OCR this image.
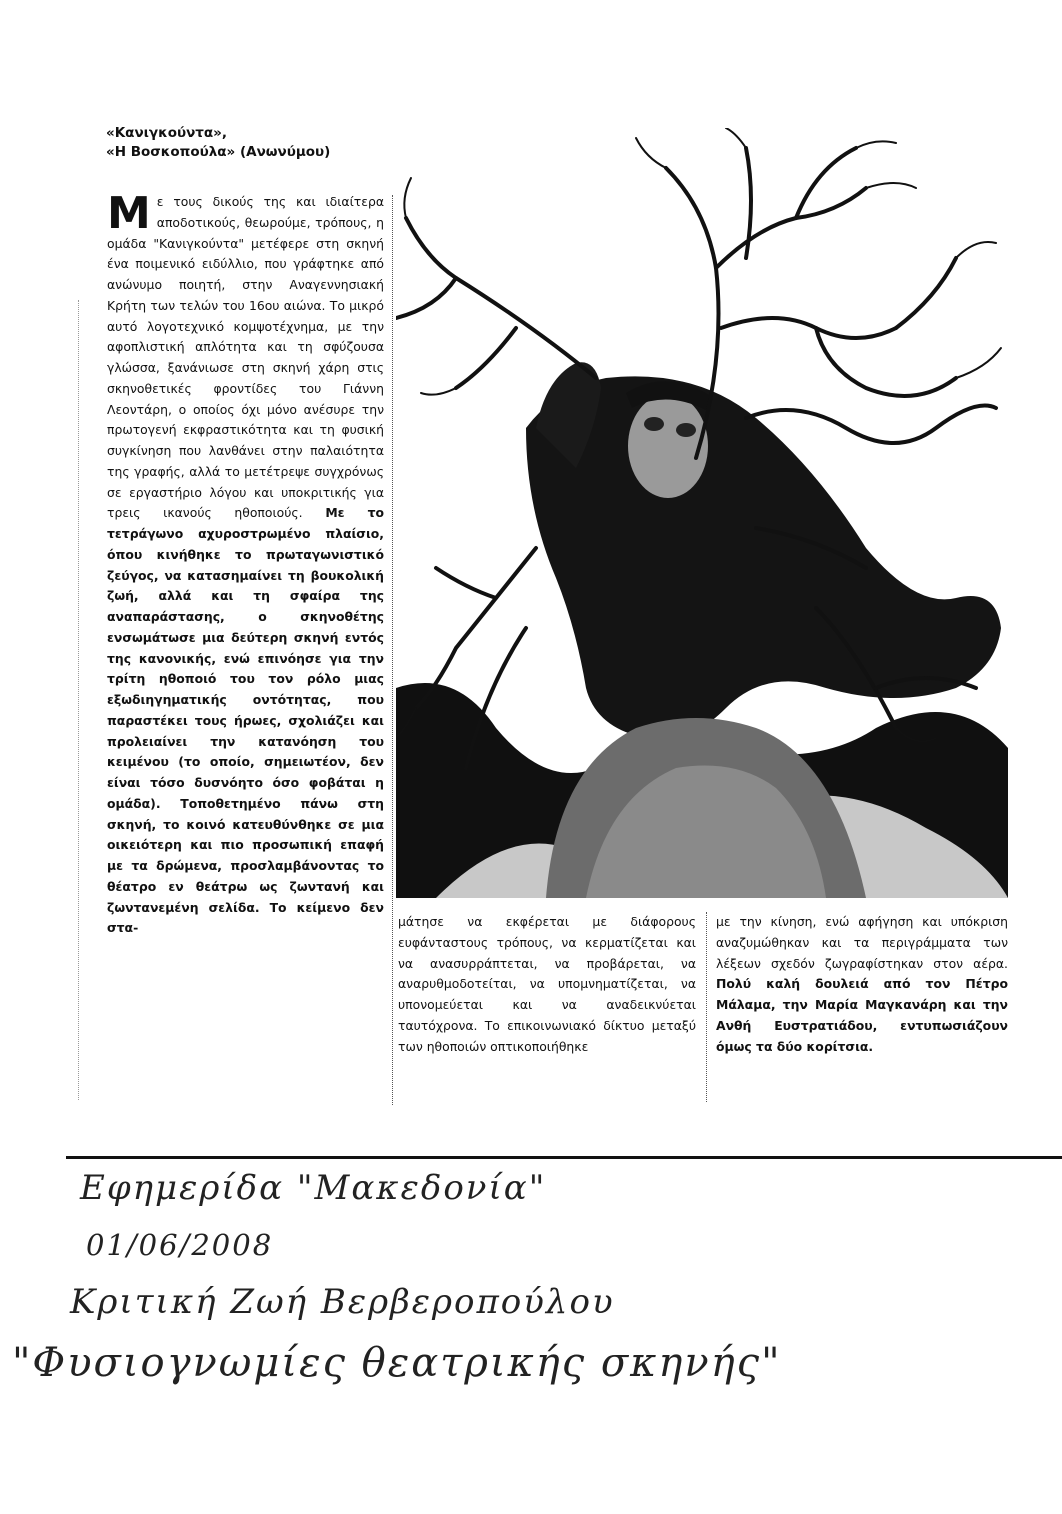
«Κανιγκούντα»,
«Η Βοσκοπούλα» (Ανωνύμου)

Με τους δικούς της και ιδιαίτερα αποδοτικούς, θεωρούμε, τρόπους, η ομάδα "Κανιγκούντα" μετέφερε στη σκηνή ένα ποιμενικό ειδύλλιο, που γράφτηκε από ανώνυμο ποιητή, στην Αναγεννησιακή Κρήτη των τελών του 16ου αιώνα. Το μικρό αυτό λογοτεχνικό κομψοτέχνημα, με την αφοπλιστική απλότητα και τη σφύζουσα γλώσσα, ξανάνιωσε στη σκηνή χάρη στις σκηνοθετικές φροντίδες του Γιάννη Λεοντάρη, ο οποίος όχι μόνο ανέσυρε την πρωτογενή εκφραστικότητα και τη φυσική συγκίνηση που λανθάνει στην παλαιότητα της γραφής, αλλά το μετέτρεψε συγχρόνως σε εργαστήριο λόγου και υποκριτικής για τρεις ικανούς ηθοποιούς. Με το τετράγωνο αχυροστρωμένο πλαίσιο, όπου κινήθηκε το πρωταγωνιστικό ζεύγος, να κατασημαίνει τη βουκολική ζωή, αλλά και τη σφαίρα της αναπαράστασης, ο σκηνοθέτης ενσωμάτωσε μια δεύτερη σκηνή εντός της κανονικής, ενώ επινόησε για την τρίτη ηθοποιό του τον ρόλο μιας εξωδιηγηματικής οντότητας, που παραστέκει τους ήρωες, σχολιάζει και προλειαίνει την κατανόηση του κειμένου (το οποίο, σημειωτέον, δεν είναι τόσο δυσνόητο όσο φοβάται η ομάδα). Τοποθετημένο πάνω στη σκηνή, το κοινό κατευθύνθηκε σε μια οικειότερη και πιο προσωπική επαφή με τα δρώμενα, προσλαμβάνοντας το θέατρο εν θεάτρω ως ζωντανή και ζωντανεμένη σελίδα. Το κείμενο δεν στα-	μάτησε να εκφέρεται με διάφορους ευφάνταστους τρόπους, να κερματίζεται και να ανασυρράπτεται, να προβάρεται, να αναρυθμοδοτείται, να υπομνηματίζεται, να υπονομεύεται και να αναδεικνύεται ταυτόχρονα. Το επικοινωνιακό δίκτυο μεταξύ των ηθοποιών οπτικοποιήθηκε

με την κίνηση, ενώ αφήγηση και υπόκριση αναζυμώθηκαν και τα περιγράμματα των λέξεων σχεδόν ζωγραφίστηκαν στον αέρα. Πολύ καλή δουλειά από τον Πέτρο Μάλαμα, την Μαρία Μαγκανάρη και την Ανθή Ευστρατιάδου, εντυπωσιάζουν όμως τα δύο κορίτσια.

Εφημερίδα "Μακεδονία"
01/06/2008
Κριτική Ζωή Βερβεροπούλου
"Φυσιογνωμίες θεατρικής σκηνής"
